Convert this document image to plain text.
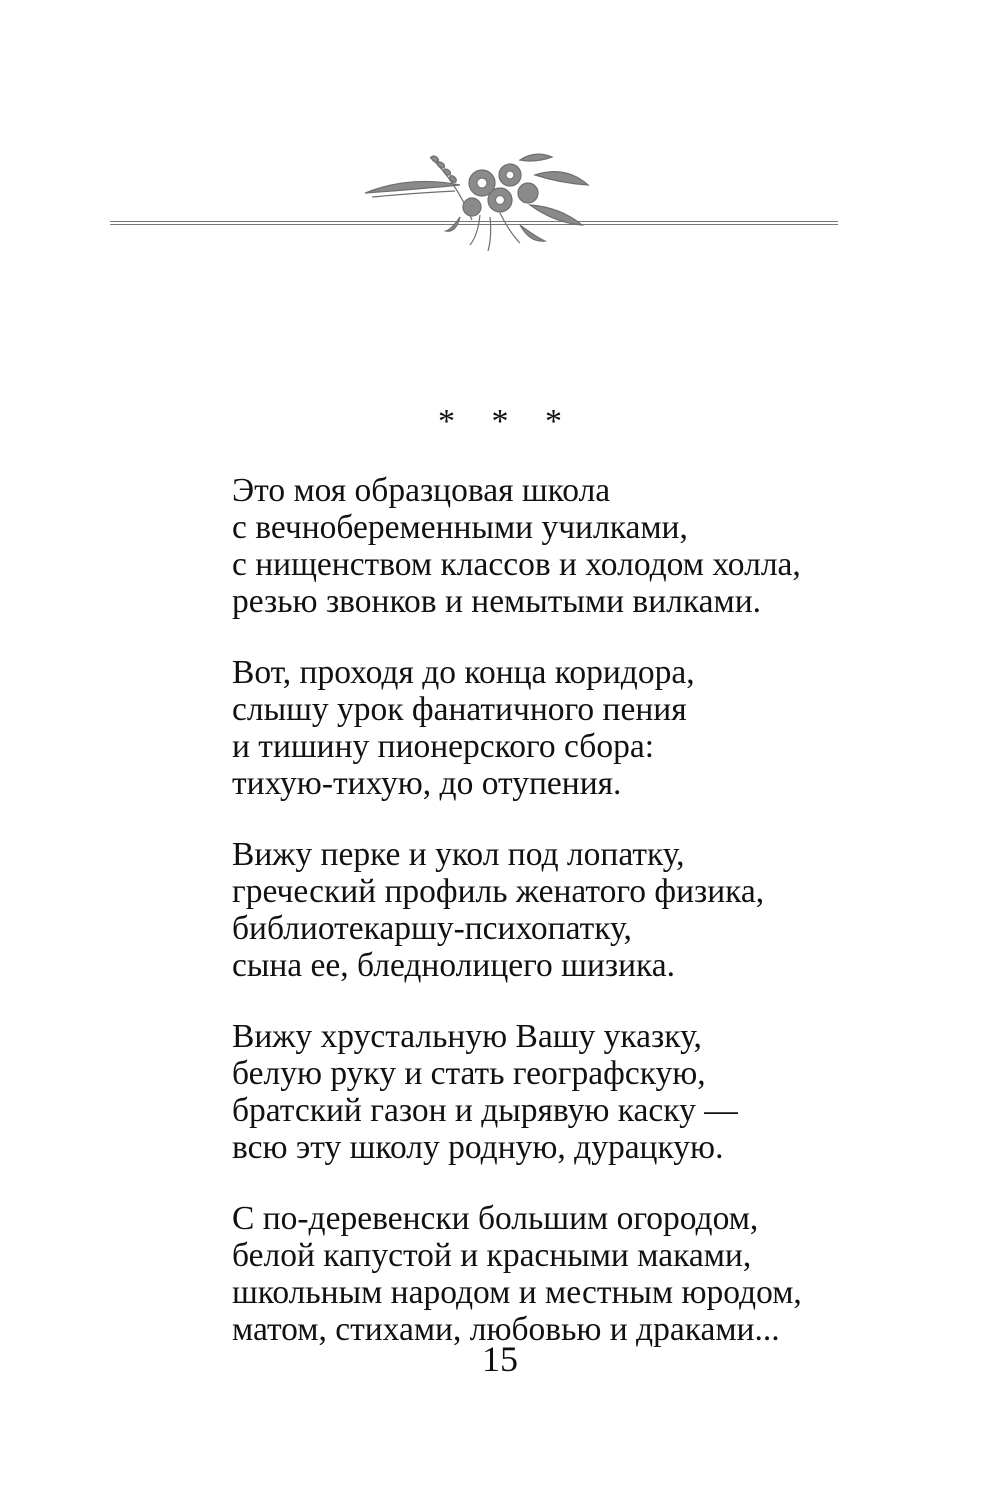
* * *
Это моя образцовая школа
с вечнобеременными училками,
с нищенством классов и холодом холла,
резью звонков и немытыми вилками.
Вот, проходя до конца коридора,
слышу урок фанатичного пения
и тишину пионерского сбора:
тихую-тихую, до отупения.
Вижу перке и укол под лопатку,
греческий профиль женатого физика,
библиотекаршу-психопатку,
сына ее, бледнолицего шизика.
Вижу хрустальную Вашу указку,
белую руку и стать географскую,
братский газон и дырявую каску —
всю эту школу родную, дурацкую.
С по-деревенски большим огородом,
белой капустой и красными маками,
школьным народом и местным юродом,
матом, стихами, любовью и драками...
15
